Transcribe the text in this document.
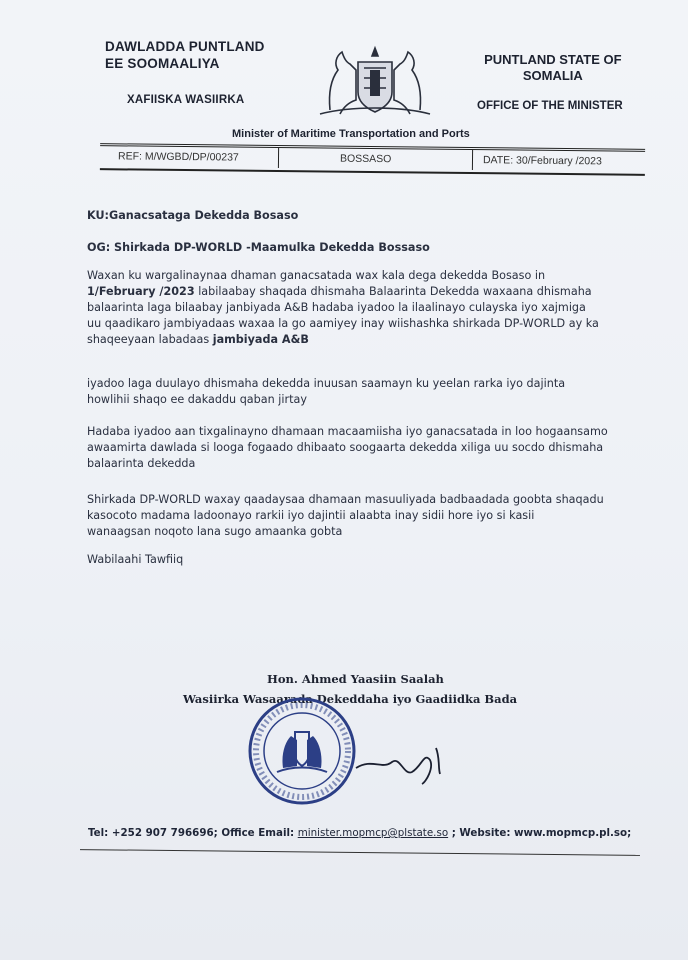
DAWLADDA PUNTLAND
EE SOOMAALIYA
XAFIISKA WASIIRKA
PUNTLAND STATE OF
SOMALIA
OFFICE OF THE MINISTER
Minister of Maritime Transportation and Ports
REF: M/WGBD/DP/00237	BOSSASO	DATE: 30/February /2023
KU:Ganacsataga Dekedda Bosaso
OG: Shirkada DP-WORLD -Maamulka Dekedda Bossaso
Waxan ku wargalinaynaa dhaman ganacsatada wax kala dega dekedda Bosaso in
1/February /2023 labilaabay shaqada dhismaha Balaarinta Dekedda waxaana dhismaha
balaarinta laga bilaabay janbiyada A&B hadaba iyadoo la ilaalinayo culayska iyo xajmiga
uu qaadikaro jambiyadaas waxaa la go aamiyey inay wiishashka shirkada DP-WORLD ay ka
shaqeeyaan labadaas jambiyada A&B
iyadoo laga duulayo dhismaha dekedda inuusan saamayn ku yeelan rarka iyo dajinta
howlihii shaqo ee dakaddu qaban jirtay
Hadaba iyadoo aan tixgalinayno dhamaan macaamiisha iyo ganacsatada in loo hogaansamo
awaamirta dawlada si looga fogaado dhibaato soogaarta dekedda xiliga uu socdo dhismaha
balaarinta dekedda
Shirkada DP-WORLD waxay qaadaysaa dhamaan masuuliyada badbaadada goobta shaqadu
kasocoto madama ladoonayo rarkii iyo dajintii alaabta inay sidii hore iyo si kasii
wanaagsan noqoto lana sugo amaanka gobta
Wabilaahi Tawfiiq
Hon. Ahmed Yaasiin Saalah
Wasiirka Wasaarada Dekeddaha iyo Gaadiidka Bada
Tel: +252 907 796696; Office Email: minister.mopmcp@plstate.so ; Website: www.mopmcp.pl.so;
